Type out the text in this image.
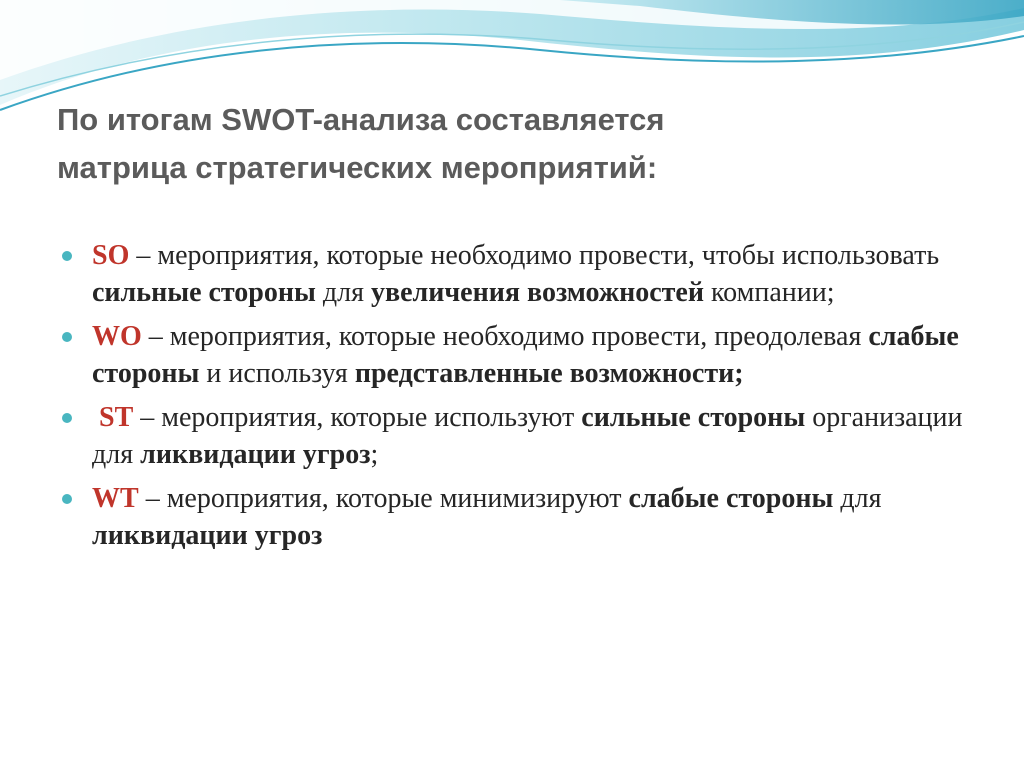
По итогам SWOT-анализа составляется
матрица стратегических мероприятий:
SO – мероприятия, которые необходимо провести, чтобы использовать сильные стороны для увеличения возможностей компании;
WO – мероприятия, которые необходимо провести, преодолевая слабые стороны и используя представленные возможности;
ST – мероприятия, которые используют сильные стороны организации для ликвидации угроз;
WT – мероприятия, которые минимизируют слабые стороны для ликвидации угроз
